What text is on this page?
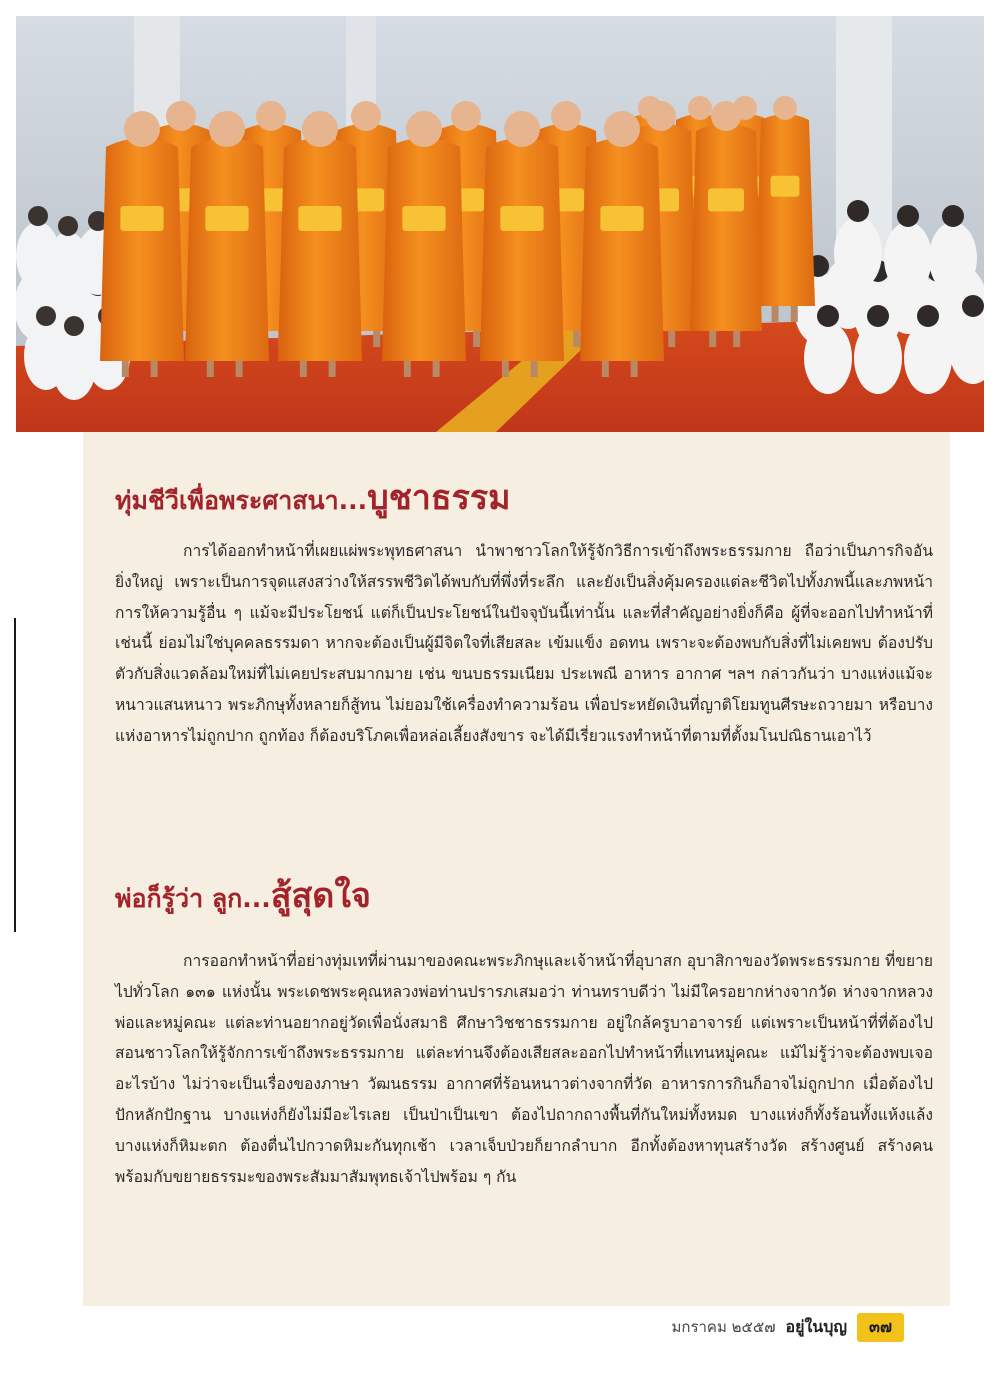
ทุ่มชีวีเพื่อพระศาสนา...บูชาธรรม

การได้ออกทำหน้าที่เผยแผ่พระพุทธศาสนา นำพาชาวโลกให้รู้จักวิธีการเข้าถึงพระธรรมกาย ถือว่าเป็นภารกิจอันยิ่งใหญ่ เพราะเป็นการจุดแสงสว่างให้สรรพชีวิตได้พบกับที่พึ่งที่ระลึก และยังเป็นสิ่งคุ้มครองแต่ละชีวิตไปทั้งภพนี้และภพหน้า การให้ความรู้อื่น ๆ แม้จะมีประโยชน์ แต่ก็เป็นประโยชน์ในปัจจุบันนี้เท่านั้น และที่สำคัญอย่างยิ่งก็คือ ผู้ที่จะออกไปทำหน้าที่เช่นนี้ ย่อมไม่ใช่บุคคลธรรมดา หากจะต้องเป็นผู้มีจิตใจที่เสียสละ เข้มแข็ง อดทน เพราะจะต้องพบกับสิ่งที่ไม่เคยพบ ต้องปรับตัวกับสิ่งแวดล้อมใหม่ที่ไม่เคยประสบมากมาย เช่น ขนบธรรมเนียม ประเพณี อาหาร อากาศ ฯลฯ กล่าวกันว่า บางแห่งแม้จะหนาวแสนหนาว พระภิกษุทั้งหลายก็สู้ทน ไม่ยอมใช้เครื่องทำความร้อน เพื่อประหยัดเงินที่ญาติโยมทูนศีรษะถวายมา หรือบางแห่งอาหารไม่ถูกปาก ถูกท้อง ก็ต้องบริโภคเพื่อหล่อเลี้ยงสังขาร จะได้มีเรี่ยวแรงทำหน้าที่ตามที่ตั้งมโนปณิธานเอาไว้

พ่อก็รู้ว่า ลูก...สู้สุดใจ

การออกทำหน้าที่อย่างทุ่มเทที่ผ่านมาของคณะพระภิกษุและเจ้าหน้าที่อุบาสก อุบาสิกาของวัดพระธรรมกาย ที่ขยายไปทั่วโลก ๑๓๑ แห่งนั้น พระเดชพระคุณหลวงพ่อท่านปรารภเสมอว่า ท่านทราบดีว่า ไม่มีใครอยากห่างจากวัด ห่างจากหลวงพ่อและหมู่คณะ แต่ละท่านอยากอยู่วัดเพื่อนั่งสมาธิ ศึกษาวิชชาธรรมกาย อยู่ใกล้ครูบาอาจารย์ แต่เพราะเป็นหน้าที่ที่ต้องไปสอนชาวโลกให้รู้จักการเข้าถึงพระธรรมกาย แต่ละท่านจึงต้องเสียสละออกไปทำหน้าที่แทนหมู่คณะ แม้ไม่รู้ว่าจะต้องพบเจออะไรบ้าง ไม่ว่าจะเป็นเรื่องของภาษา วัฒนธรรม อากาศที่ร้อนหนาวต่างจากที่วัด อาหารการกินก็อาจไม่ถูกปาก เมื่อต้องไปปักหลักปักฐาน บางแห่งก็ยังไม่มีอะไรเลย เป็นป่าเป็นเขา ต้องไปถากถางพื้นที่กันใหม่ทั้งหมด บางแห่งก็ทั้งร้อนทั้งแห้งแล้ง บางแห่งก็หิมะตก ต้องตื่นไปกวาดหิมะกันทุกเช้า เวลาเจ็บป่วยก็ยากลำบาก อีกทั้งต้องหาทุนสร้างวัด สร้างศูนย์ สร้างคน พร้อมกับขยายธรรมะของพระสัมมาสัมพุทธเจ้าไปพร้อม ๆ กัน

มกราคม ๒๕๕๗ อยู่ในบุญ	๓๗
